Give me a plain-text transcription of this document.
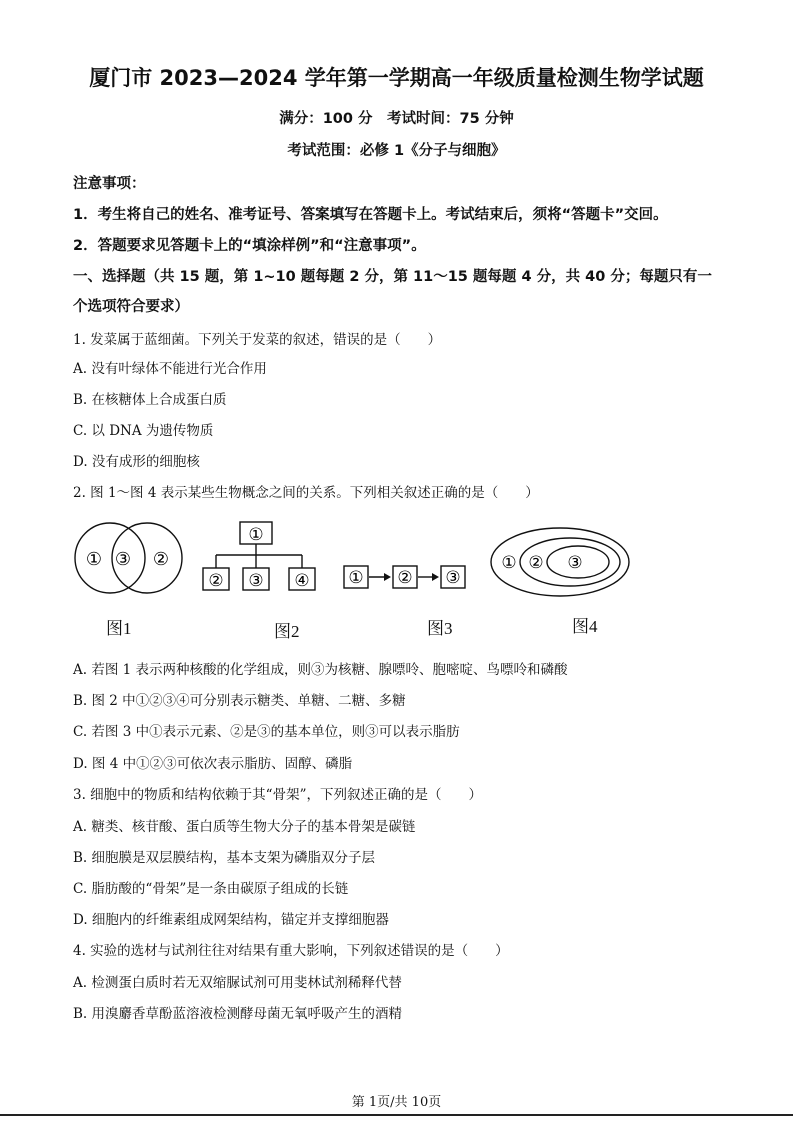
厦门市 2023—2024 学年第一学期高一年级质量检测生物学试题
满分：100 分　考试时间：75 分钟
考试范围：必修 1《分子与细胞》
注意事项：
1．考生将自己的姓名、准考证号、答案填写在答题卡上。考试结束后，须将“答题卡”交回。
2．答题要求见答题卡上的“填涂样例”和“注意事项”。
一、选择题（共 15 题，第 1~10 题每题 2 分，第 11～15 题每题 4 分，共 40 分；每题只有一
个选项符合要求）
1. 发菜属于蓝细菌。下列关于发菜的叙述，错误的是（　　）
A. 没有叶绿体不能进行光合作用
B. 在核糖体上合成蛋白质
C. 以 DNA 为遗传物质
D. 没有成形的细胞核
2. 图 1～图 4 表示某些生物概念之间的关系。下列相关叙述正确的是（　　）
① ③ ②
①
② ③ ④ ① ② ③
① ② ③
图1	图2	图3	图4
A. 若图 1 表示两种核酸的化学组成，则③为核糖、腺嘌呤、胞嘧啶、鸟嘌呤和磷酸
B. 图 2 中①②③④可分别表示糖类、单糖、二糖、多糖
C. 若图 3 中①表示元素、②是③的基本单位，则③可以表示脂肪
D. 图 4 中①②③可依次表示脂肪、固醇、磷脂
3. 细胞中的物质和结构依赖于其“骨架”，下列叙述正确的是（　　）
A. 糖类、核苷酸、蛋白质等生物大分子的基本骨架是碳链
B. 细胞膜是双层膜结构，基本支架为磷脂双分子层
C. 脂肪酸的“骨架”是一条由碳原子组成的长链
D. 细胞内的纤维素组成网架结构，锚定并支撑细胞器
4. 实验的选材与试剂往往对结果有重大影响，下列叙述错误的是（　　）
A. 检测蛋白质时若无双缩脲试剂可用斐林试剂稀释代替
B. 用溴麝香草酚蓝溶液检测酵母菌无氧呼吸产生的酒精
第 1页/共 10页
